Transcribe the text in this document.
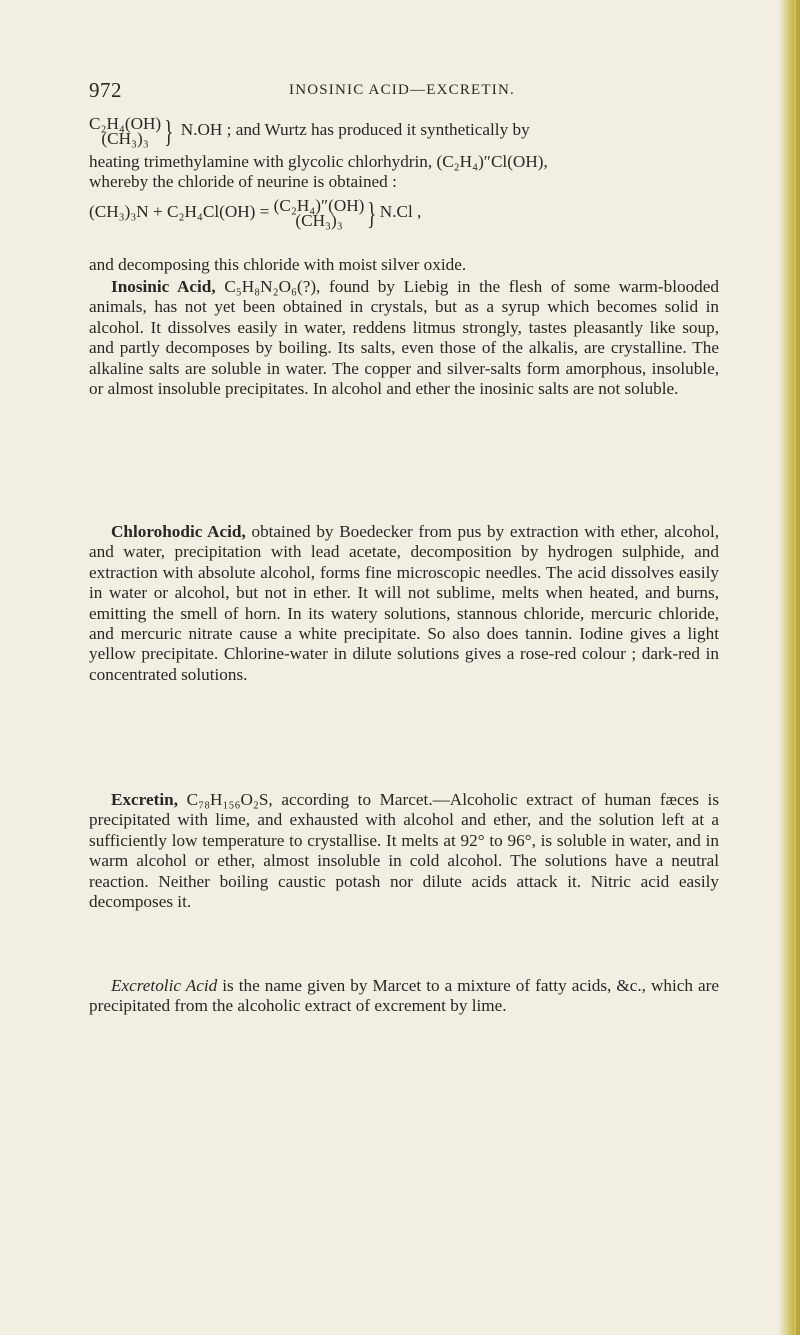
972	INOSINIC ACID—EXCRETIN.
C₂H₄(OH)
(CH₃)₃ } N.OH ; and Wurtz has produced it synthetically by
heating trimethylamine with glycolic chlorhydrin, (C₂H₄)″Cl(OH),
whereby the chloride of neurine is obtained :
(CH₃)₃N + C₂H₄Cl(OH) = (C₂H₄)″(OH)
(CH₃)₃ } N.Cl ,
and decomposing this chloride with moist silver oxide.

Inosinic Acid, C₅H₈N₂O₆(?), found by Liebig in the flesh of some warm-blooded animals, has not yet been obtained in crystals, but as a syrup which becomes solid in alcohol. It dissolves easily in water, reddens litmus strongly, tastes pleasantly like soup, and partly decomposes by boiling. Its salts, even those of the alkalis, are crystalline. The alkaline salts are soluble in water. The copper and silver-salts form amorphous, insoluble, or almost insoluble precipitates. In alcohol and ether the inosinic salts are not soluble.

Chlorohodic Acid, obtained by Boedecker from pus by extraction with ether, alcohol, and water, precipitation with lead acetate, decomposition by hydrogen sulphide, and extraction with absolute alcohol, forms fine microscopic needles. The acid dissolves easily in water or alcohol, but not in ether. It will not sublime, melts when heated, and burns, emitting the smell of horn. In its watery solutions, stannous chloride, mercuric chloride, and mercuric nitrate cause a white precipitate. So also does tannin. Iodine gives a light yellow precipitate. Chlorine-water in dilute solutions gives a rose-red colour ; dark-red in concentrated solutions.

Excretin, C₇₈H₁₅₆O₂S, according to Marcet.—Alcoholic extract of human fæces is precipitated with lime, and exhausted with alcohol and ether, and the solution left at a sufficiently low temperature to crystallise. It melts at 92° to 96°, is soluble in water, and in warm alcohol or ether, almost insoluble in cold alcohol. The solutions have a neutral reaction. Neither boiling caustic potash nor dilute acids attack it. Nitric acid easily decomposes it.

Excretolic Acid is the name given by Marcet to a mixture of fatty acids, &c., which are precipitated from the alcoholic extract of excrement by lime.
